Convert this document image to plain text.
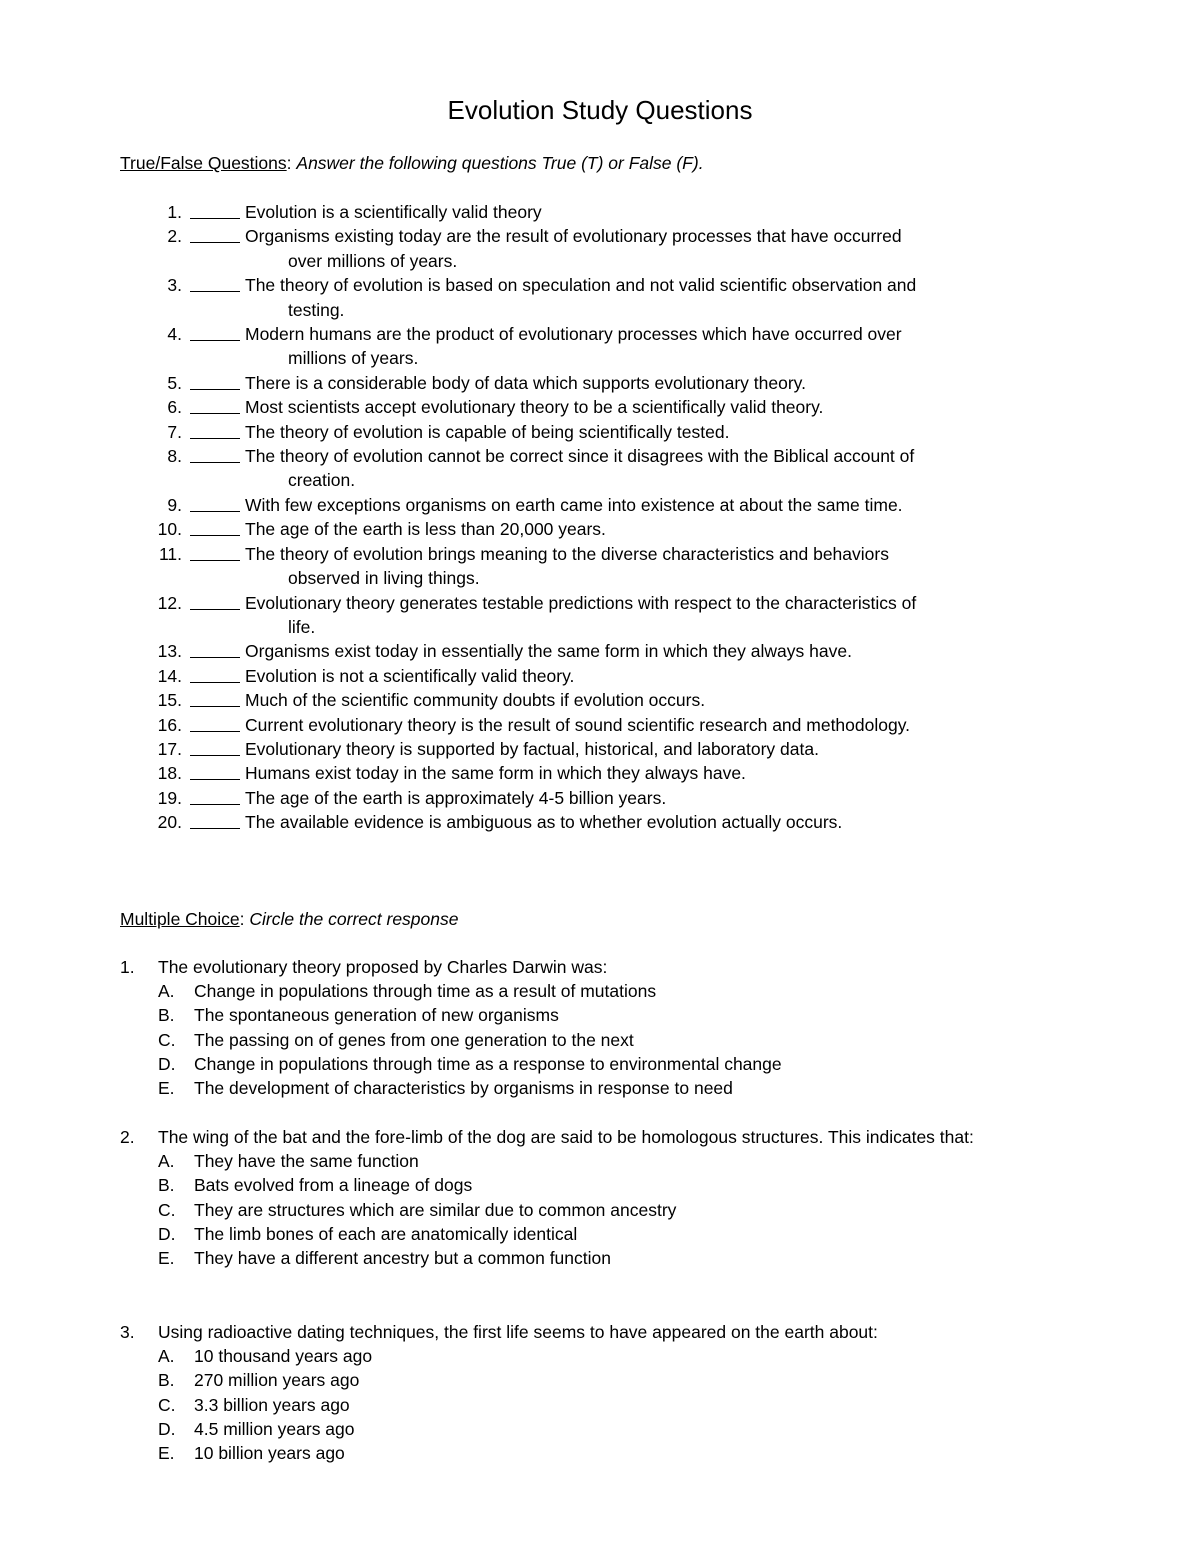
Evolution Study Questions
True/False Questions: Answer the following questions True (T) or False (F).
1.	Evolution is a scientifically valid theory
2.	Organisms existing today are the result of evolutionary processes that have occurred
over millions of years.
3.	The theory of evolution is based on speculation and not valid scientific observation and
testing.
4.	Modern humans are the product of evolutionary processes which have occurred over
millions of years.
5.	There is a considerable body of data which supports evolutionary theory.
6.	Most scientists accept evolutionary theory to be a scientifically valid theory.
7.	The theory of evolution is capable of being scientifically tested.
8.	The theory of evolution cannot be correct since it disagrees with the Biblical account of
creation.
9.	With few exceptions organisms on earth came into existence at about the same time.
10.	The age of the earth is less than 20,000 years.
11.	The theory of evolution brings meaning to the diverse characteristics and behaviors
observed in living things.
12.	Evolutionary theory generates testable predictions with respect to the characteristics of
life.
13.	Organisms exist today in essentially the same form in which they always have.
14.	Evolution is not a scientifically valid theory.
15.	Much of the scientific community doubts if evolution occurs.
16.	Current evolutionary theory is the result of sound scientific research and methodology.
17.	Evolutionary theory is supported by factual, historical, and laboratory data.
18.	Humans exist today in the same form in which they always have.
19.	The age of the earth is approximately 4-5 billion years.
20.	The available evidence is ambiguous as to whether evolution actually occurs.
Multiple Choice: Circle the correct response
1.	The evolutionary theory proposed by Charles Darwin was:
A. Change in populations through time as a result of mutations
B. The spontaneous generation of new organisms
C. The passing on of genes from one generation to the next
D. Change in populations through time as a response to environmental change
E. The development of characteristics by organisms in response to need
2.	The wing of the bat and the fore-limb of the dog are said to be homologous structures. This indicates that:
A. They have the same function
B. Bats evolved from a lineage of dogs
C. They are structures which are similar due to common ancestry
D. The limb bones of each are anatomically identical
E. They have a different ancestry but a common function
3.	Using radioactive dating techniques, the first life seems to have appeared on the earth about:
A. 10 thousand years ago
B. 270 million years ago
C. 3.3 billion years ago
D. 4.5 million years ago
E. 10 billion years ago
